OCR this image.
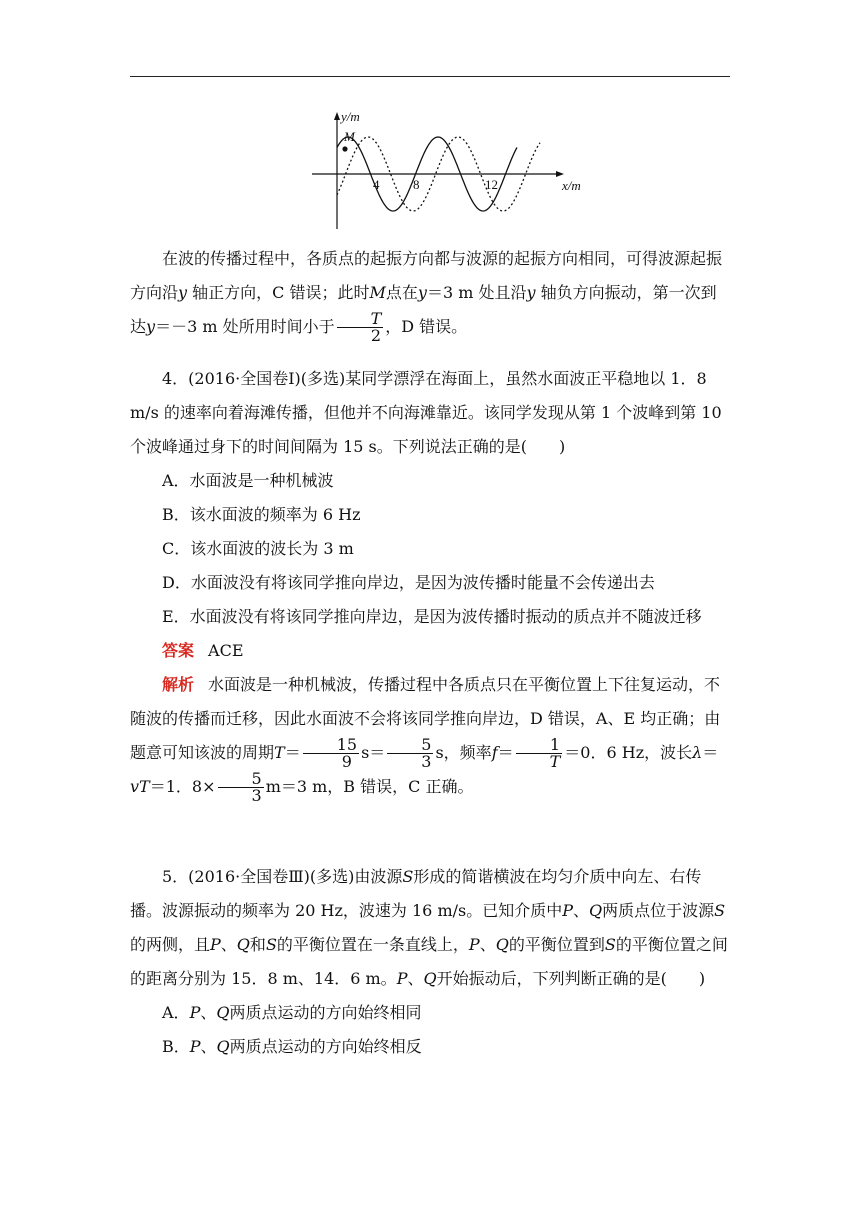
M
y/m
x/m
4	8	12

在波的传播过程中，各质点的起振方向都与波源的起振方向相同，可得波源起振方向沿y 轴正方向，C 错误；此时M点在y＝3 m 处且沿y 轴负方向振动，第一次到达y＝－3 m 处所用时间小于 $\frac{T}{2}$ ，D 错误。

4．(2016·全国卷Ⅰ)(多选)某同学漂浮在海面上，虽然水面波正平稳地以 1．8 m/s 的速率向着海滩传播，但他并不向海滩靠近。该同学发现从第 1 个波峰到第 10 个波峰通过身下的时间间隔为 15 s。下列说法正确的是(　　)

A．水面波是一种机械波

B．该水面波的频率为 6 Hz

C．该水面波的波长为 3 m

D．水面波没有将该同学推向岸边，是因为波传播时能量不会传递出去

E．水面波没有将该同学推向岸边，是因为波传播时振动的质点并不随波迁移

答案 ACE

解析 水面波是一种机械波，传播过程中各质点只在平衡位置上下往复运动，不随波的传播而迁移，因此水面波不会将该同学推向岸边，D 错误，A、E 均正确；由题意可知该波的周期$T= \frac{15}{9} s= \frac{5}{3}$ s，频率$f= \frac{1}{T} =0$．6 Hz，波长λ＝vT＝1．$8\times \frac{5}{3} m=3$ m，B 错误，C 正确。

5．(2016·全国卷Ⅲ)(多选)由波源S形成的简谐横波在均匀介质中向左、右传播。波源振动的频率为 20 Hz，波速为 16 m/s。已知介质中P、Q两质点位于波源S的两侧，且P、Q和S的平衡位置在一条直线上，P、Q的平衡位置到S的平衡位置之间的距离分别为 15．8 m、14．6 m。P、Q开始振动后，下列判断正确的是(　　)

A．P、Q两质点运动的方向始终相同

B．P、Q两质点运动的方向始终相反
